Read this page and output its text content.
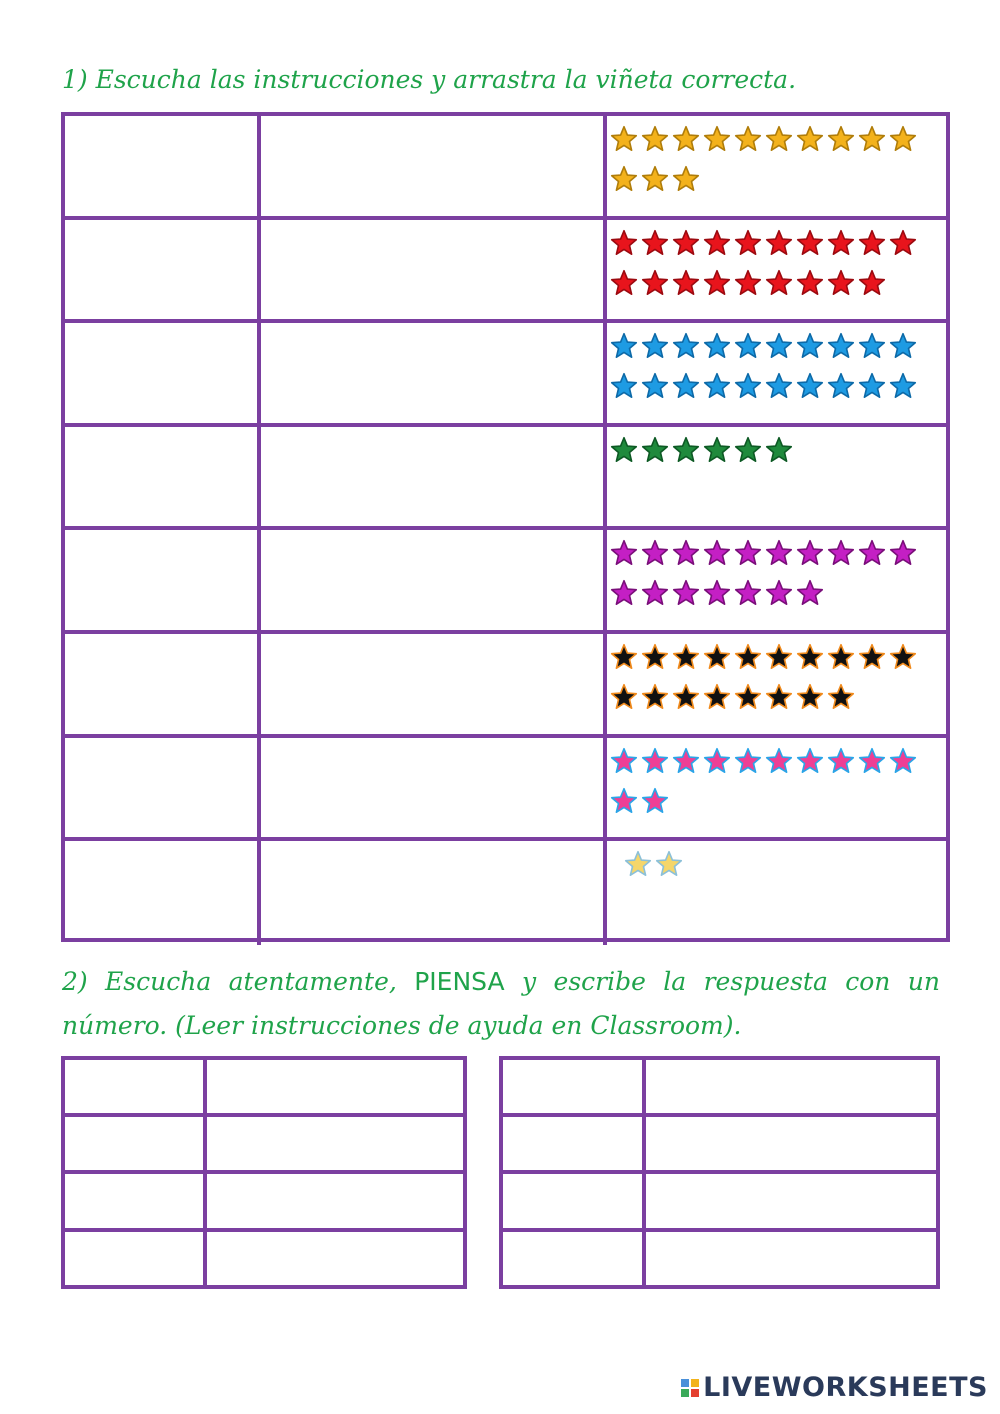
1) Escucha las instrucciones y arrastra la viñeta correcta.

2) Escucha atentamente, PIENSA y escribe la respuesta con un número. (Leer instrucciones de ayuda en Classroom).

LIVEWORKSHEETS
